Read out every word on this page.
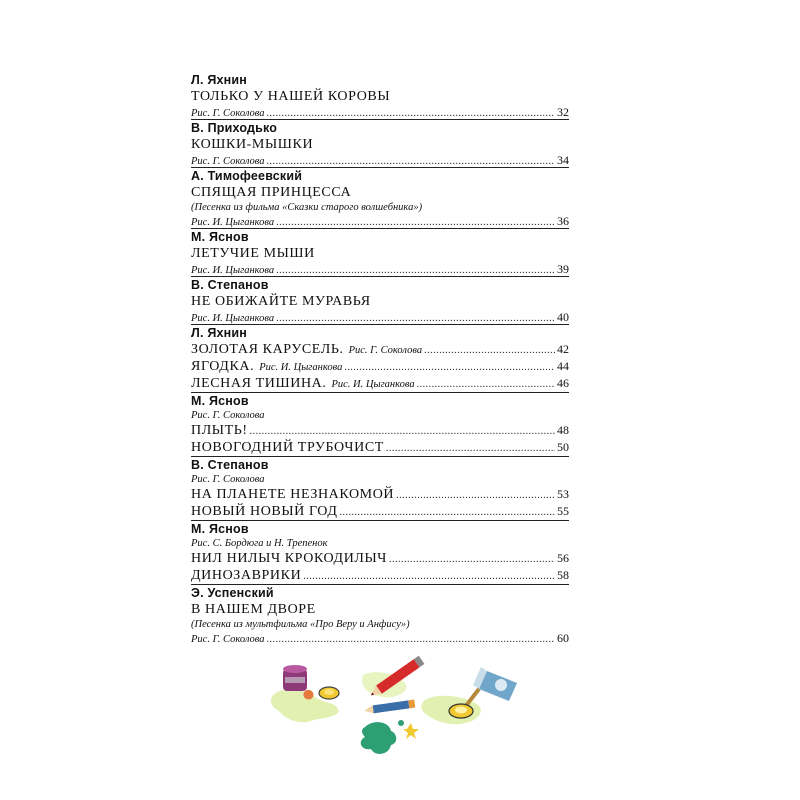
Л. Яхнин
ТОЛЬКО У НАШЕЙ КОРОВЫ
Рис. Г. Соколова .....	32
В. Приходько
КОШКИ-МЫШКИ
Рис. Г. Соколова .....	34
А. Тимофеевский
СПЯЩАЯ ПРИНЦЕССА
(Песенка из фильма «Сказки старого волшебника»)
Рис. И. Цыганкова .....	36
М. Яснов
ЛЕТУЧИЕ МЫШИ
Рис. И. Цыганкова .....	39
В. Степанов
НЕ ОБИЖАЙТЕ МУРАВЬЯ
Рис. И. Цыганкова .....	40
Л. Яхнин
ЗОЛОТАЯ КАРУСЕЛЬ. Рис. Г. Соколова .....	42
ЯГОДКА. Рис. И. Цыганкова .....	44
ЛЕСНАЯ ТИШИНА. Рис. И. Цыганкова .....	46
М. Яснов
Рис. Г. Соколова
ПЛЫТЬ! .....	48
НОВОГОДНИЙ ТРУБОЧИСТ .....	50
В. Степанов
Рис. Г. Соколова
НА ПЛАНЕТЕ НЕЗНАКОМОЙ .....	53
НОВЫЙ НОВЫЙ ГОД .....	55
М. Яснов
Рис. С. Бордюга и Н. Трепенок
НИЛ НИЛЫЧ КРОКОДИЛЫЧ .....	56
ДИНОЗАВРИКИ .....	58
Э. Успенский
В НАШЕМ ДВОРЕ
(Песенка из мультфильма «Про Веру и Анфису»)
Рис. Г. Соколова .....	60
